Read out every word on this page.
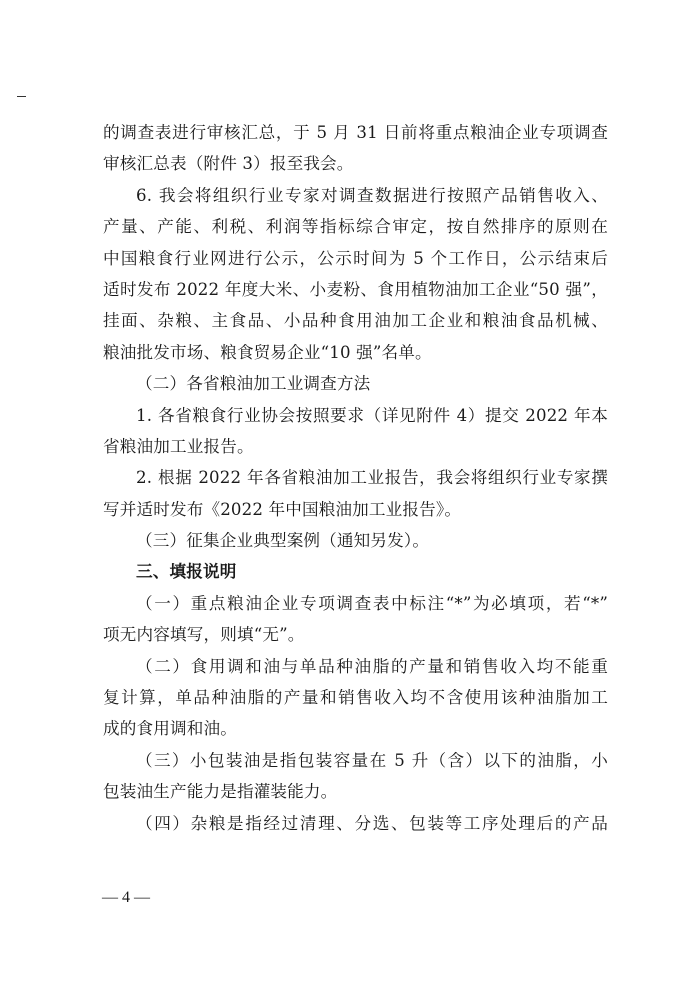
的调查表进行审核汇总，于 5 月 31 日前将重点粮油企业专项调查
审核汇总表（附件 3）报至我会。
6. 我会将组织行业专家对调查数据进行按照产品销售收入、
产量、产能、利税、利润等指标综合审定，按自然排序的原则在
中国粮食行业网进行公示，公示时间为 5 个工作日，公示结束后
适时发布 2022 年度大米、小麦粉、食用植物油加工企业“50 强”，
挂面、杂粮、主食品、小品种食用油加工企业和粮油食品机械、
粮油批发市场、粮食贸易企业“10 强”名单。
（二）各省粮油加工业调查方法
1. 各省粮食行业协会按照要求（详见附件 4）提交 2022 年本
省粮油加工业报告。
2. 根据 2022 年各省粮油加工业报告，我会将组织行业专家撰
写并适时发布《2022 年中国粮油加工业报告》。
（三）征集企业典型案例（通知另发）。
三、填报说明
（一）重点粮油企业专项调查表中标注“*”为必填项，若“*”
项无内容填写，则填“无”。
（二）食用调和油与单品种油脂的产量和销售收入均不能重
复计算，单品种油脂的产量和销售收入均不含使用该种油脂加工
成的食用调和油。
（三）小包装油是指包装容量在 5 升（含）以下的油脂，小
包装油生产能力是指灌装能力。
（四）杂粮是指经过清理、分选、包装等工序处理后的产品
— 4 —
